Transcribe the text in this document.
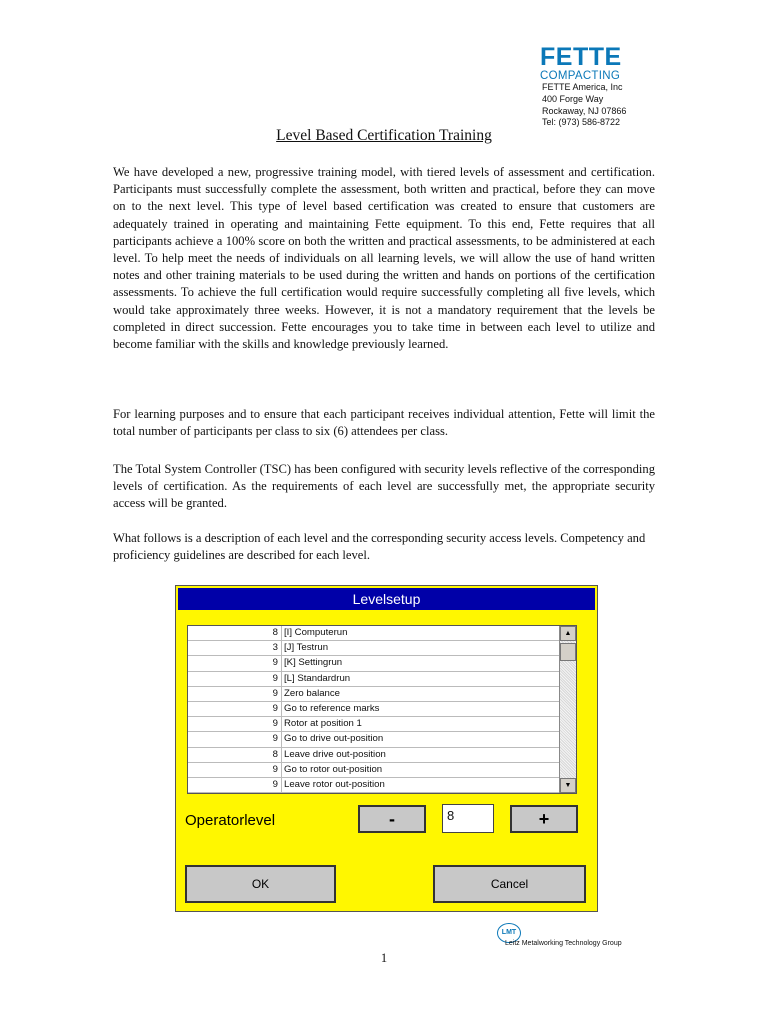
FETTE
COMPACTING
FETTE America, Inc
400 Forge Way
Rockaway, NJ 07866
Tel: (973) 586-8722
Level Based Certification Training

We have developed a new, progressive training model, with tiered levels of assessment and certification. Participants must successfully complete the assessment, both written and practical, before they can move on to the next level. This type of level based certification was created to ensure that customers are adequately trained in operating and maintaining Fette equipment. To this end, Fette requires that all participants achieve a 100% score on both the written and practical assessments, to be administered at each level. To help meet the needs of individuals on all learning levels, we will allow the use of hand written notes and other training materials to be used during the written and hands on portions of the certification assessments. To achieve the full certification would require successfully completing all five levels, which would take approximately three weeks. However, it is not a mandatory requirement that the levels be completed in direct succession. Fette encourages you to take time in between each level to utilize and become familiar with the skills and knowledge previously learned.

For learning purposes and to ensure that each participant receives individual attention, Fette will limit the total number of participants per class to six (6) attendees per class.

The Total System Controller (TSC) has been configured with security levels reflective of the corresponding levels of certification. As the requirements of each level are successfully met, the appropriate security access will be granted.

What follows is a description of each level and the corresponding security access levels. Competency and proficiency guidelines are described for each level.

Levelsetup
8 [I] Computerun
3 [J] Testrun
9 [K] Settingrun
9 [L] Standardrun
9 Zero balance
9 Go to reference marks
9 Rotor at position 1
9 Go to drive out-position
8 Leave drive out-position
9 Go to rotor out-position
9 Leave rotor out-position
▲
▼
Operatorlevel	-	8	+
OK	Cancel
LMT
Leitz Metalworking Technology Group
1
